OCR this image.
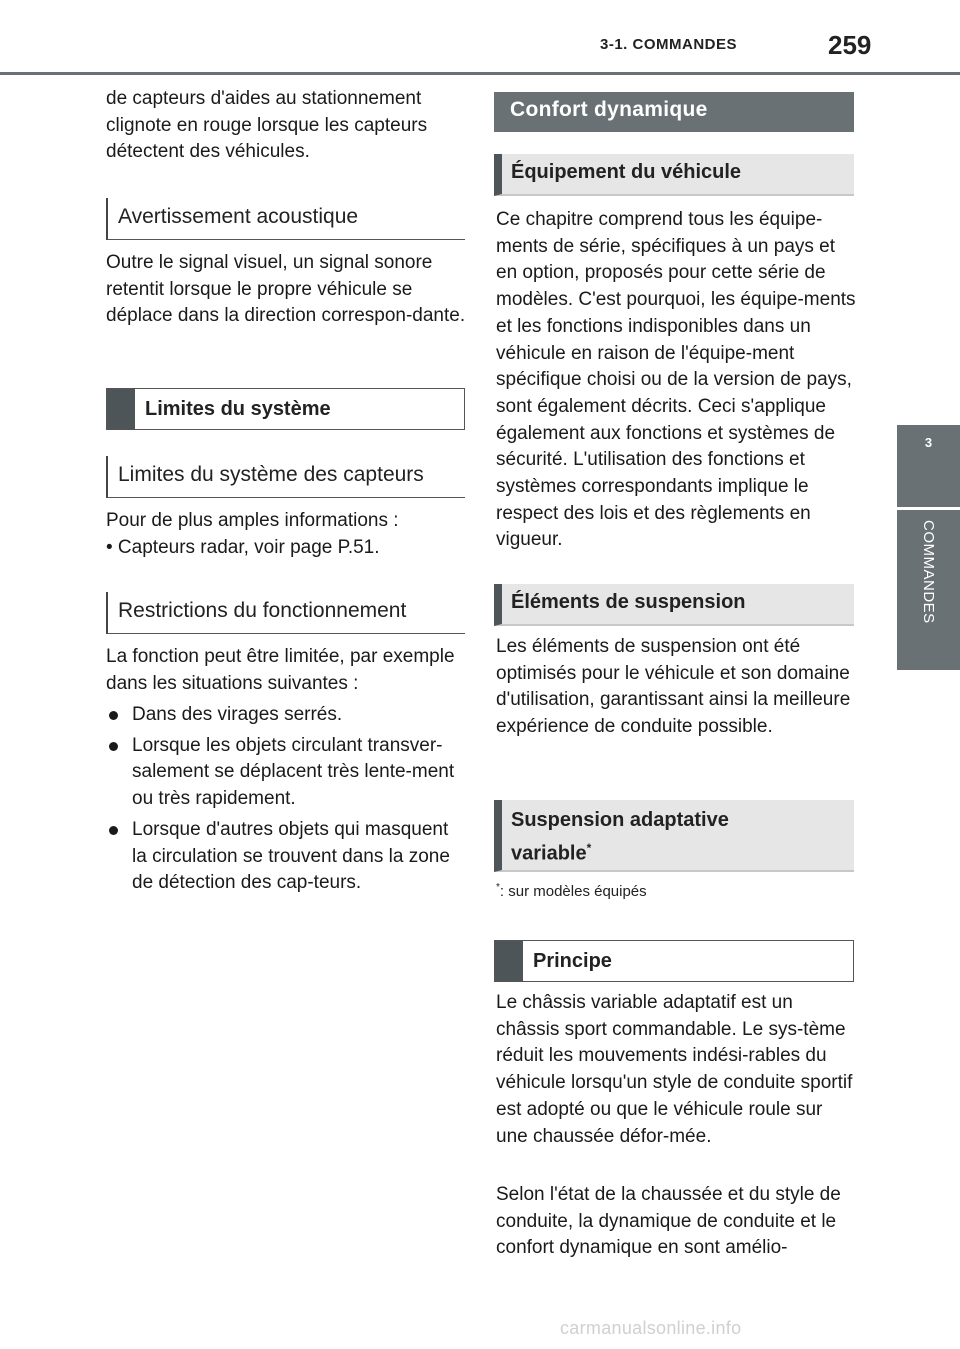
3-1. COMMANDES	259
3
COMMANDES

de capteurs d'aides au stationnement clignote en rouge lorsque les capteurs détectent des véhicules.

Avertissement acoustique

Outre le signal visuel, un signal sonore retentit lorsque le propre véhicule se déplace dans la direction correspon-dante.

Limites du système
Limites du système des capteurs

Pour de plus amples informations :

• Capteurs radar, voir page P.51.

Restrictions du fonctionnement

La fonction peut être limitée, par exemple dans les situations suivantes :

Dans des virages serrés.
Lorsque les objets circulant transver-salement se déplacent très lente-ment ou très rapidement.
Lorsque d'autres objets qui masquent la circulation se trouvent dans la zone de détection des cap-teurs.
Confort dynamique
Équipement du véhicule

Ce chapitre comprend tous les équipe-ments de série, spécifiques à un pays et en option, proposés pour cette série de modèles. C'est pourquoi, les équipe-ments et les fonctions indisponibles dans un véhicule en raison de l'équipe-ment spécifique choisi ou de la version de pays, sont également décrits. Ceci s'applique également aux fonctions et systèmes de sécurité. L'utilisation des fonctions et systèmes correspondants implique le respect des lois et des règlements en vigueur.

Éléments de suspension

Les éléments de suspension ont été optimisés pour le véhicule et son domaine d'utilisation, garantissant ainsi la meilleure expérience de conduite possible.

Suspension adaptative
variable*
*: sur modèles équipés
Principe

Le châssis variable adaptatif est un châssis sport commandable. Le sys-tème réduit les mouvements indési-rables du véhicule lorsqu'un style de conduite sportif est adopté ou que le véhicule roule sur une chaussée défor-mée.

Selon l'état de la chaussée et du style de conduite, la dynamique de conduite et le confort dynamique en sont amélio-

carmanualsonline.info
